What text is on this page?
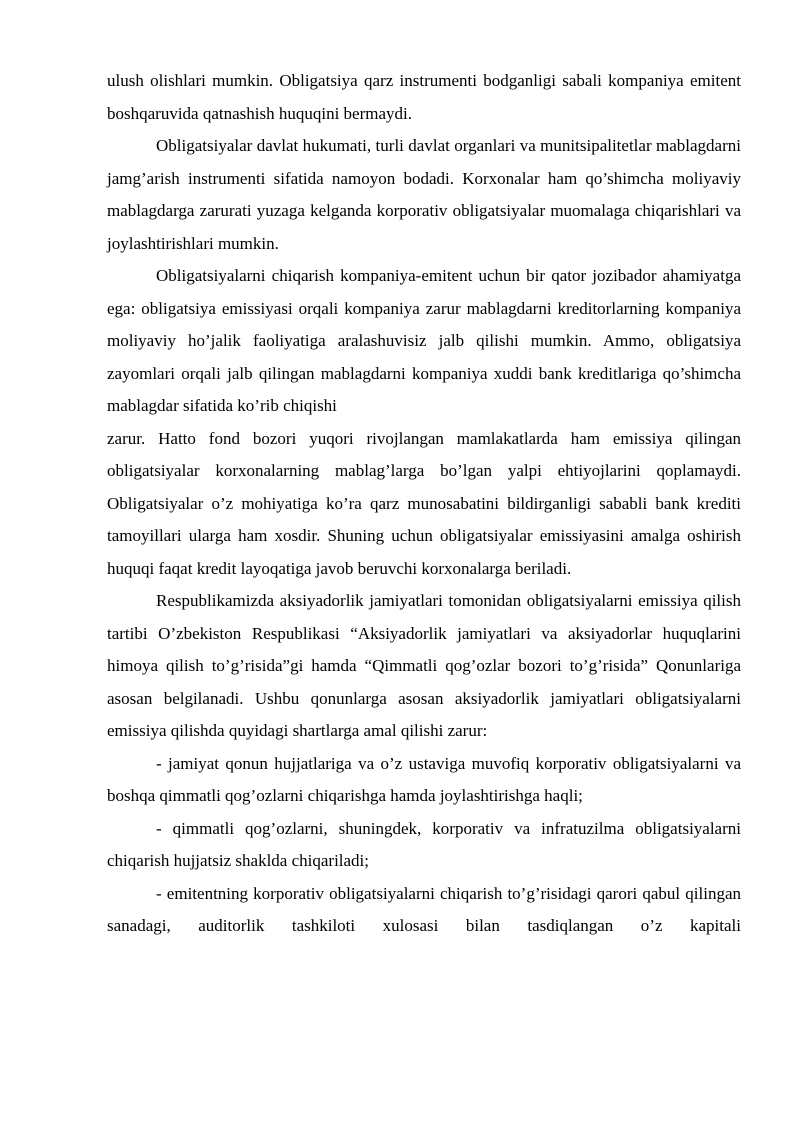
ulush olishlari mumkin. Obligatsiya qarz instrumenti bodganligi sabali kompaniya emitent boshqaruvida qatnashish huquqini bermaydi.

Obligatsiyalar davlat hukumati, turli davlat organlari va munitsipalitetlar mablagdarni jamg’arish instrumenti sifatida namoyon bodadi. Korxonalar ham qo’shimcha moliyaviy mablagdarga zarurati yuzaga kelganda korporativ obligatsiyalar muomalaga chiqarishlari va joylashtirishlari mumkin.

Obligatsiyalarni chiqarish kompaniya-emitent uchun bir qator jozibador ahamiyatga ega: obligatsiya emissiyasi orqali kompaniya zarur mablagdarni kreditorlarning kompaniya moliyaviy ho’jalik faoliyatiga aralashuvisiz jalb qilishi mumkin. Ammo, obligatsiya zayomlari orqali jalb qilingan mablagdarni kompaniya xuddi bank kreditlariga qo’shimcha mablagdar sifatida ko’rib chiqishi

zarur. Hatto fond bozori yuqori rivojlangan mamlakatlarda ham emissiya qilingan obligatsiyalar korxonalarning mablag’larga bo’lgan yalpi ehtiyojlarini qoplamaydi. Obligatsiyalar o’z mohiyatiga ko’ra qarz munosabatini bildirganligi sababli bank krediti tamoyillari ularga ham xosdir. Shuning uchun obligatsiyalar emissiyasini amalga oshirish huquqi faqat kredit layoqatiga javob beruvchi korxonalarga beriladi.

Respublikamizda aksiyadorlik jamiyatlari tomonidan obligatsiyalarni emissiya qilish tartibi O’zbekiston Respublikasi “Aksiyadorlik jamiyatlari va aksiyadorlar huquqlarini himoya qilish to’g’risida”gi hamda “Qimmatli qog’ozlar bozori to’g’risida” Qonunlariga asosan belgilanadi. Ushbu qonunlarga asosan aksiyadorlik jamiyatlari obligatsiyalarni emissiya qilishda quyidagi shartlarga amal qilishi zarur:

- jamiyat qonun hujjatlariga va o’z ustaviga muvofiq korporativ obligatsiyalarni va boshqa qimmatli qog’ozlarni chiqarishga hamda joylashtirishga haqli;

- qimmatli qog’ozlarni, shuningdek, korporativ va infratuzilma obligatsiyalarni chiqarish hujjatsiz shaklda chiqariladi;

- emitentning korporativ obligatsiyalarni chiqarish to’g’risidagi qarori qabul qilingan sanadagi, auditorlik tashkiloti xulosasi bilan tasdiqlangan o’z kapitali
